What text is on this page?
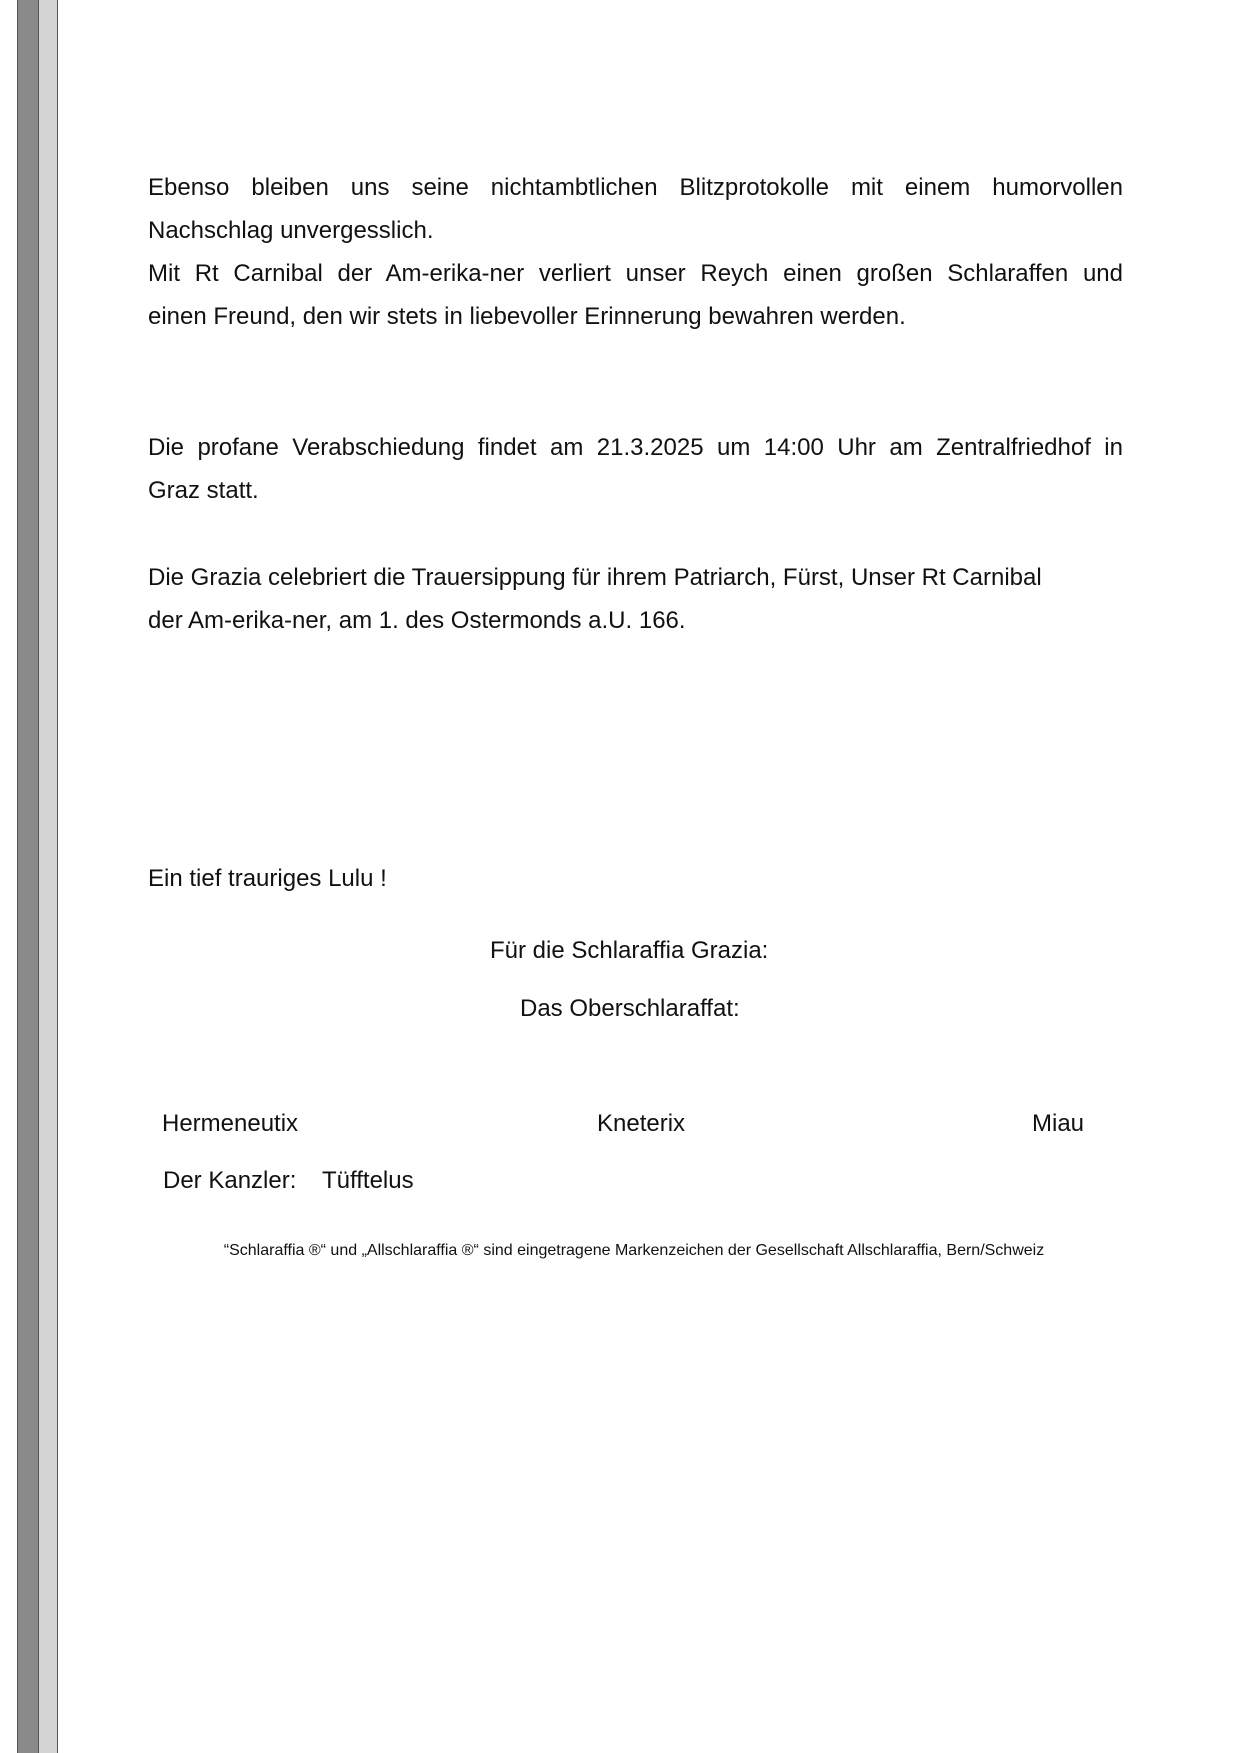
Ebenso bleiben uns seine nichtambtlichen Blitzprotokolle mit einem humorvollen
Nachschlag unvergesslich.
Mit Rt Carnibal der Am-erika-ner verliert unser Reych einen großen Schlaraffen und
einen Freund, den wir stets in liebevoller Erinnerung bewahren werden.
Die profane Verabschiedung findet am 21.3.2025 um 14:00 Uhr am Zentralfriedhof in
Graz statt.
Die Grazia celebriert die Trauersippung für ihrem Patriarch, Fürst, Unser Rt Carnibal
der Am-erika-ner, am 1. des Ostermonds a.U. 166.
Ein tief trauriges Lulu !
Für die Schlaraffia Grazia:
Das Oberschlaraffat:
Hermeneutix	Kneterix	Miau
Der Kanzler: Tüfftelus
“Schlaraffia ®“ und „Allschlaraffia ®“ sind eingetragene Markenzeichen der Gesellschaft Allschlaraffia, Bern/Schweiz
